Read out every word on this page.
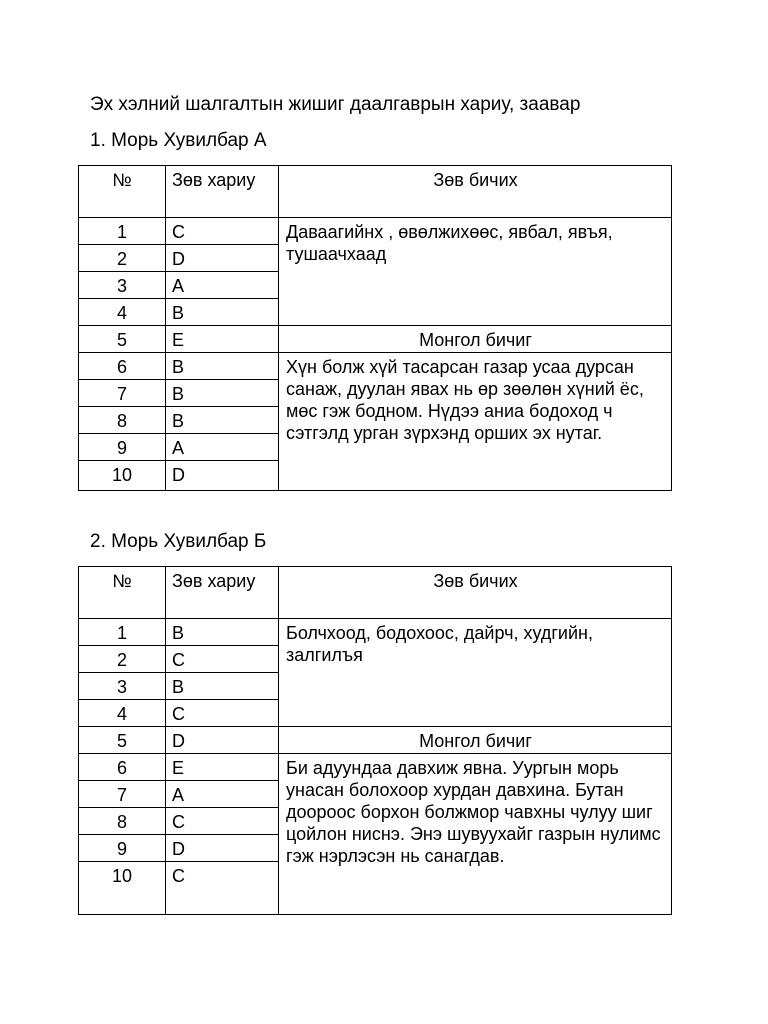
Эх хэлний шалгалтын жишиг даалгаврын хариу, заавар
1. Морь Хувилбар А
№	Зөв хариу	Зөв бичих
1	C	Даваагийнх , өвөлжихөөс, явбал, явъя, тушаачхаад
2	D	
3	A	
4	B	
5	E	Монгол бичиг
6	B	Хүн болж хүй тасарсан газар усаа дурсан санаж, дуулан явах нь өр зөөлөн хүний ёс, мөс гэж бодном. Нүдээ аниа бодоход ч сэтгэлд урган зүрхэнд орших эх нутаг.
7	B	
8	B	
9	A	
10	D	
2. Морь Хувилбар Б
№	Зөв хариу	Зөв бичих
1	B	Болчхоод, бодохоос, дайрч, худгийн, залгилъя
2	C	
3	B	
4	C	
5	D	Монгол бичиг
6	E	Би адуундаа давхиж явна. Уургын морь унасан болохоор хурдан давхина. Бутан доороос борхон болжмор чавхны чулуу шиг цойлон ниснэ. Энэ шувуухайг газрын нулимс гэж нэрлэсэн нь санагдав.
7	A	
8	C	
9	D	
10	C	
